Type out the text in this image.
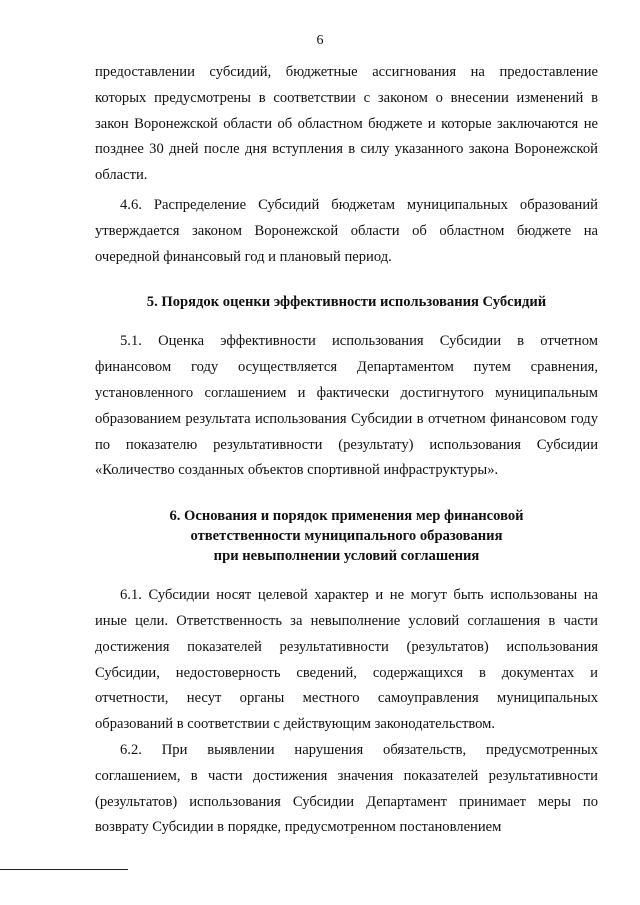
6

предоставлении субсидий, бюджетные ассигнования на предоставление которых предусмотрены в соответствии с законом о внесении изменений в закон Воронежской области об областном бюджете и которые заключаются не позднее 30 дней после дня вступления в силу указанного закона Воронежской области.

4.6. Распределение Субсидий бюджетам муниципальных образований утверждается законом Воронежской области об областном бюджете на очередной финансовый год и плановый период.

5. Порядок оценки эффективности использования Субсидий

5.1. Оценка эффективности использования Субсидии в отчетном финансовом году осуществляется Департаментом путем сравнения, установленного соглашением и фактически достигнутого муниципальным образованием результата использования Субсидии в отчетном финансовом году по показателю результативности (результату) использования Субсидии «Количество созданных объектов спортивной инфраструктуры».

6. Основания и порядок применения мер финансовой

ответственности муниципального образования

при невыполнении условий соглашения

6.1. Субсидии носят целевой характер и не могут быть использованы на иные цели. Ответственность за невыполнение условий соглашения в части достижения показателей результативности (результатов) использования Субсидии, недостоверность сведений, содержащихся в документах и отчетности, несут органы местного самоуправления муниципальных образований в соответствии с действующим законодательством.

6.2. При выявлении нарушения обязательств, предусмотренных соглашением, в части достижения значения показателей результативности (результатов) использования Субсидии Департамент принимает меры по возврату Субсидии в порядке, предусмотренном постановлением
